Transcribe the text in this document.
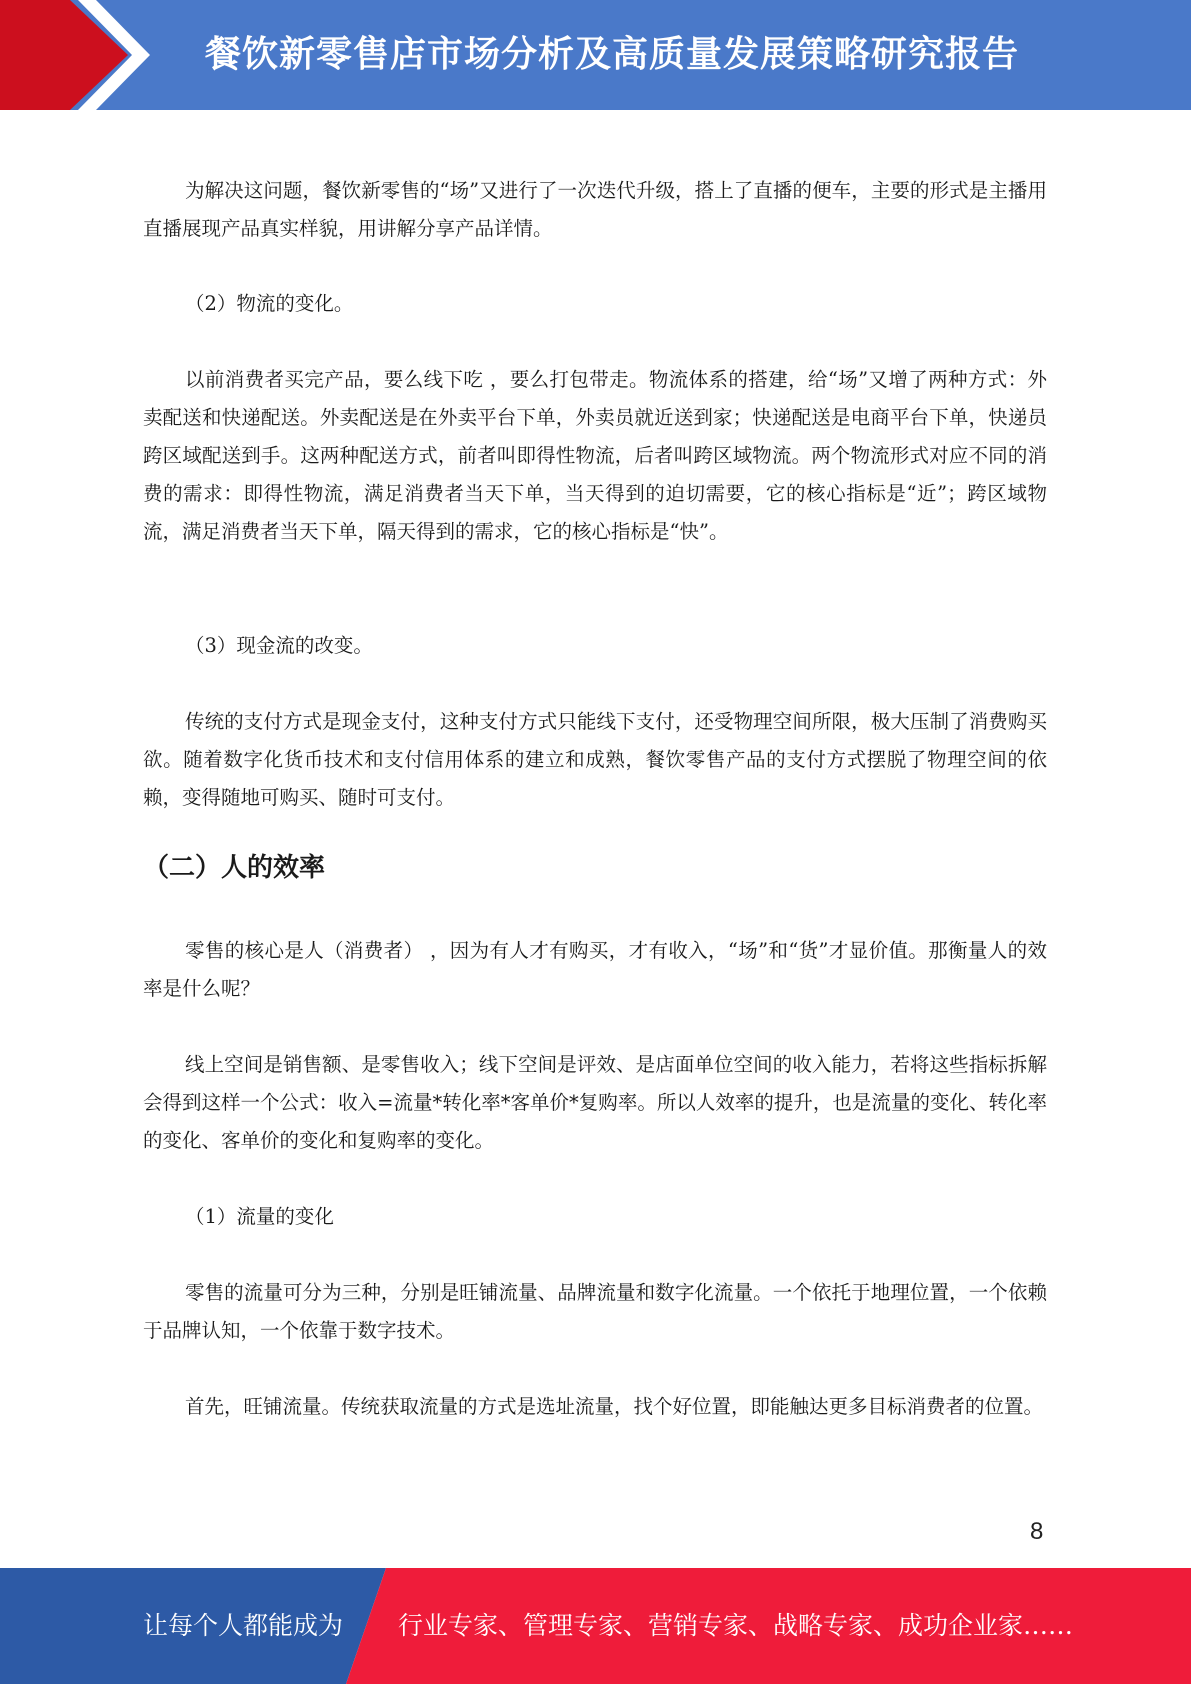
餐饮新零售店市场分析及高质量发展策略研究报告

为解决这问题，餐饮新零售的“场”又进行了一次迭代升级，搭上了直播的便车，主要的形式是主播用直播展现产品真实样貌，用讲解分享产品详情。

（2）物流的变化。

以前消费者买完产品，要么线下吃 ，要么打包带走。物流体系的搭建，给“场”又增了两种方式：外卖配送和快递配送。外卖配送是在外卖平台下单，外卖员就近送到家；快递配送是电商平台下单，快递员跨区域配送到手。这两种配送方式，前者叫即得性物流，后者叫跨区域物流。两个物流形式对应不同的消费的需求：即得性物流，满足消费者当天下单，当天得到的迫切需要，它的核心指标是“近”；跨区域物流，满足消费者当天下单，隔天得到的需求，它的核心指标是“快”。

（3）现金流的改变。

传统的支付方式是现金支付，这种支付方式只能线下支付，还受物理空间所限，极大压制了消费购买欲。随着数字化货币技术和支付信用体系的建立和成熟，餐饮零售产品的支付方式摆脱了物理空间的依赖，变得随地可购买、随时可支付。

（二）人的效率

零售的核心是人（消费者） ，因为有人才有购买，才有收入，“场”和“货”才显价值。那衡量人的效率是什么呢？

线上空间是销售额、是零售收入；线下空间是评效、是店面单位空间的收入能力，若将这些指标拆解会得到这样一个公式：收入=流量*转化率*客单价*复购率。所以人效率的提升，也是流量的变化、转化率的变化、客单价的变化和复购率的变化。

（1）流量的变化

零售的流量可分为三种，分别是旺铺流量、品牌流量和数字化流量。一个依托于地理位置，一个依赖于品牌认知，一个依靠于数字技术。

首先，旺铺流量。传统获取流量的方式是选址流量，找个好位置，即能触达更多目标消费者的位置。

8
让每个人都能成为 行业专家、管理专家、营销专家、战略专家、成功企业家……
